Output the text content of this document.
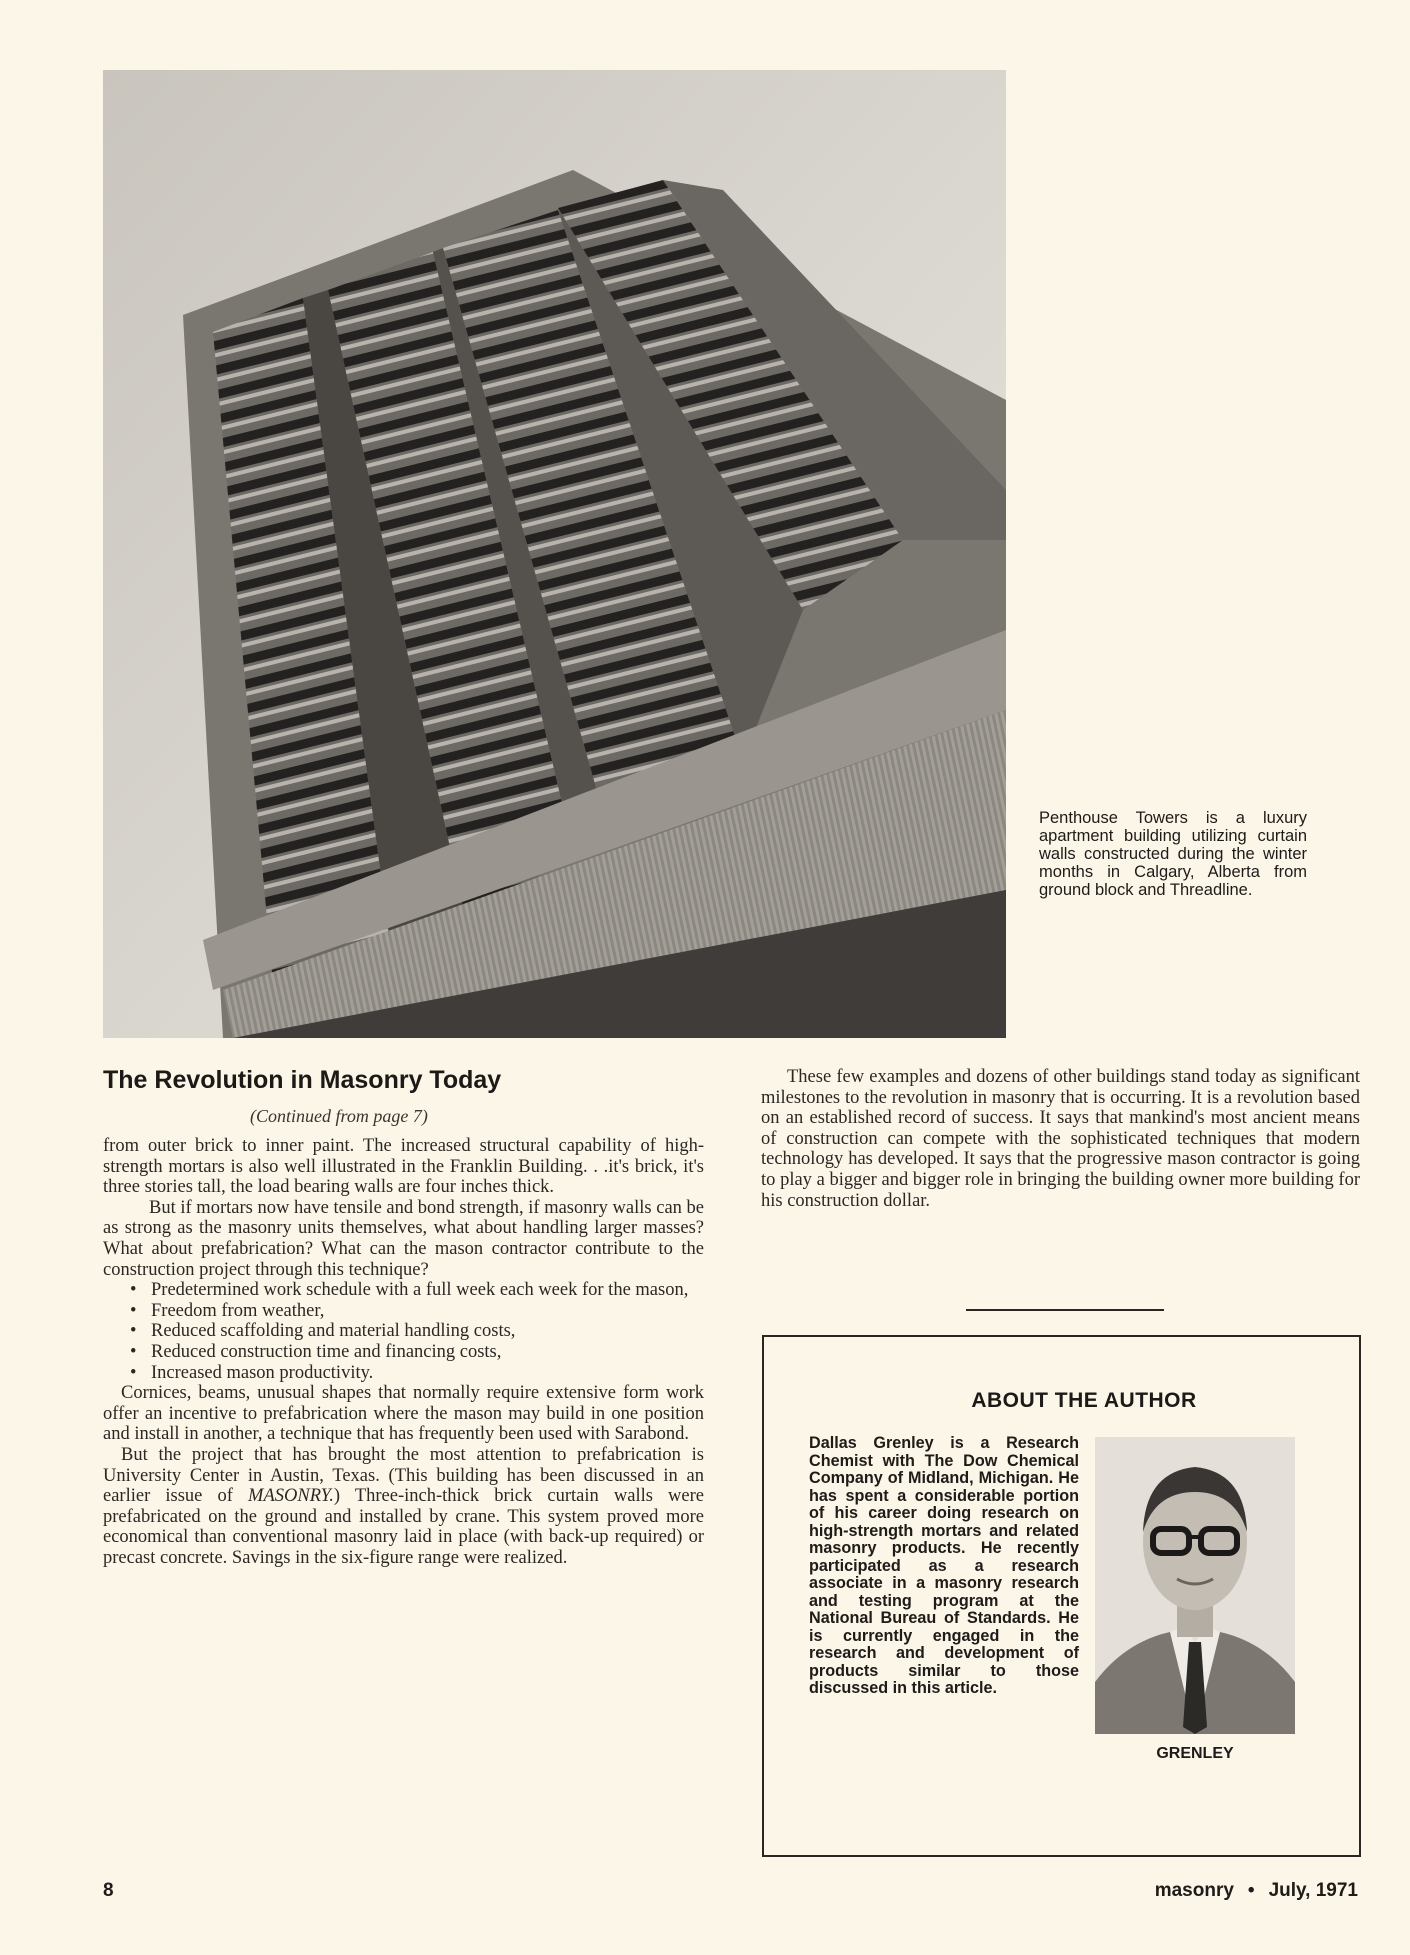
Penthouse Towers is a luxury apartment building utilizing curtain walls constructed during the winter months in Calgary, Alberta from ground block and Threadline.
The Revolution in Masonry Today
(Continued from page 7)

from outer brick to inner paint. The increased structural capability of high-strength mortars is also well illustrated in the Franklin Building. . .it's brick, it's three stories tall, the load bearing walls are four inches thick.

But if mortars now have tensile and bond strength, if masonry walls can be as strong as the masonry units themselves, what about handling larger masses? What about prefabrication? What can the mason contractor contribute to the construction project through this technique?

• Predetermined work schedule with a full week each week for the mason,
• Freedom from weather,
• Reduced scaffolding and material handling costs,
• Reduced construction time and financing costs,
• Increased mason productivity.

Cornices, beams, unusual shapes that normally require extensive form work offer an incentive to prefabrication where the mason may build in one position and install in another, a technique that has frequently been used with Sarabond.

But the project that has brought the most attention to prefabrication is University Center in Austin, Texas. (This building has been discussed in an earlier issue of MASONRY.) Three-inch-thick brick curtain walls were prefabricated on the ground and installed by crane. This system proved more economical than conventional masonry laid in place (with back-up required) or precast concrete. Savings in the six-figure range were realized.

These few examples and dozens of other buildings stand today as significant milestones to the revolution in masonry that is occurring. It is a revolution based on an established record of success. It says that mankind's most ancient means of construction can compete with the sophisticated techniques that modern technology has developed. It says that the progressive mason contractor is going to play a bigger and bigger role in bringing the building owner more building for his construction dollar.

ABOUT THE AUTHOR
Dallas Grenley is a Research Chemist with The Dow Chemical Company of Midland, Michigan. He has spent a considerable portion of his career doing research on high-strength mortars and related masonry products. He recently participated as a research associate in a masonry research and testing program at the National Bureau of Standards. He is currently engaged in the research and development of products similar to those discussed in this article.
GRENLEY
8	masonry • July, 1971
